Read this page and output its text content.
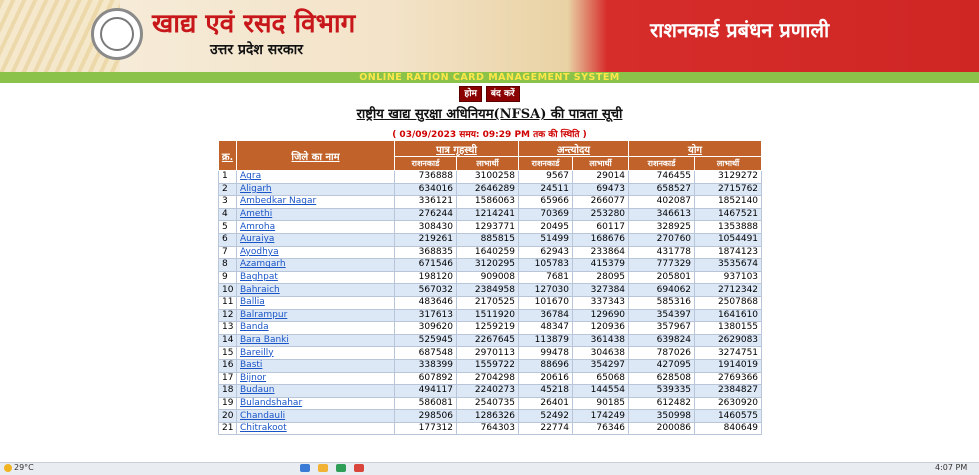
खाद्य एवं रसद विभाग
उत्तर प्रदेश सरकार
राशनकार्ड प्रबंधन प्रणाली
ONLINE RATION CARD MANAGEMENT SYSTEM
होम बंद करें
राष्ट्रीय खाद्य सुरक्षा अधिनियम(NFSA) की पात्रता सूची
( 03/09/2023 समय: 09:29 PM तक की स्थिति )
क्र.	जिले का नाम	पात्र गृहस्थी		अन्त्योदय		योग	
		राशनकार्ड	लाभार्थी	राशनकार्ड	लाभार्थी	राशनकार्ड	लाभार्थी
1	Agra	736888	3100258	9567	29014	746455	3129272
2	Aligarh	634016	2646289	24511	69473	658527	2715762
3	Ambedkar Nagar	336121	1586063	65966	266077	402087	1852140
4	Amethi	276244	1214241	70369	253280	346613	1467521
5	Amroha	308430	1293771	20495	60117	328925	1353888
6	Auraiya	219261	885815	51499	168676	270760	1054491
7	Ayodhya	368835	1640259	62943	233864	431778	1874123
8	Azamgarh	671546	3120295	105783	415379	777329	3535674
9	Baghpat	198120	909008	7681	28095	205801	937103
10	Bahraich	567032	2384958	127030	327384	694062	2712342
11	Ballia	483646	2170525	101670	337343	585316	2507868
12	Balrampur	317613	1511920	36784	129690	354397	1641610
13	Banda	309620	1259219	48347	120936	357967	1380155
14	Bara Banki	525945	2267645	113879	361438	639824	2629083
15	Bareilly	687548	2970113	99478	304638	787026	3274751
16	Basti	338399	1559722	88696	354297	427095	1914019
17	Bijnor	607892	2704298	20616	65068	628508	2769366
18	Budaun	494117	2240273	45218	144554	539335	2384827
19	Bulandshahar	586081	2540735	26401	90185	612482	2630920
20	Chandauli	298506	1286326	52492	174249	350998	1460575
21	Chitrakoot	177312	764303	22774	76346	200086	840649
29°C	4:07 PM
